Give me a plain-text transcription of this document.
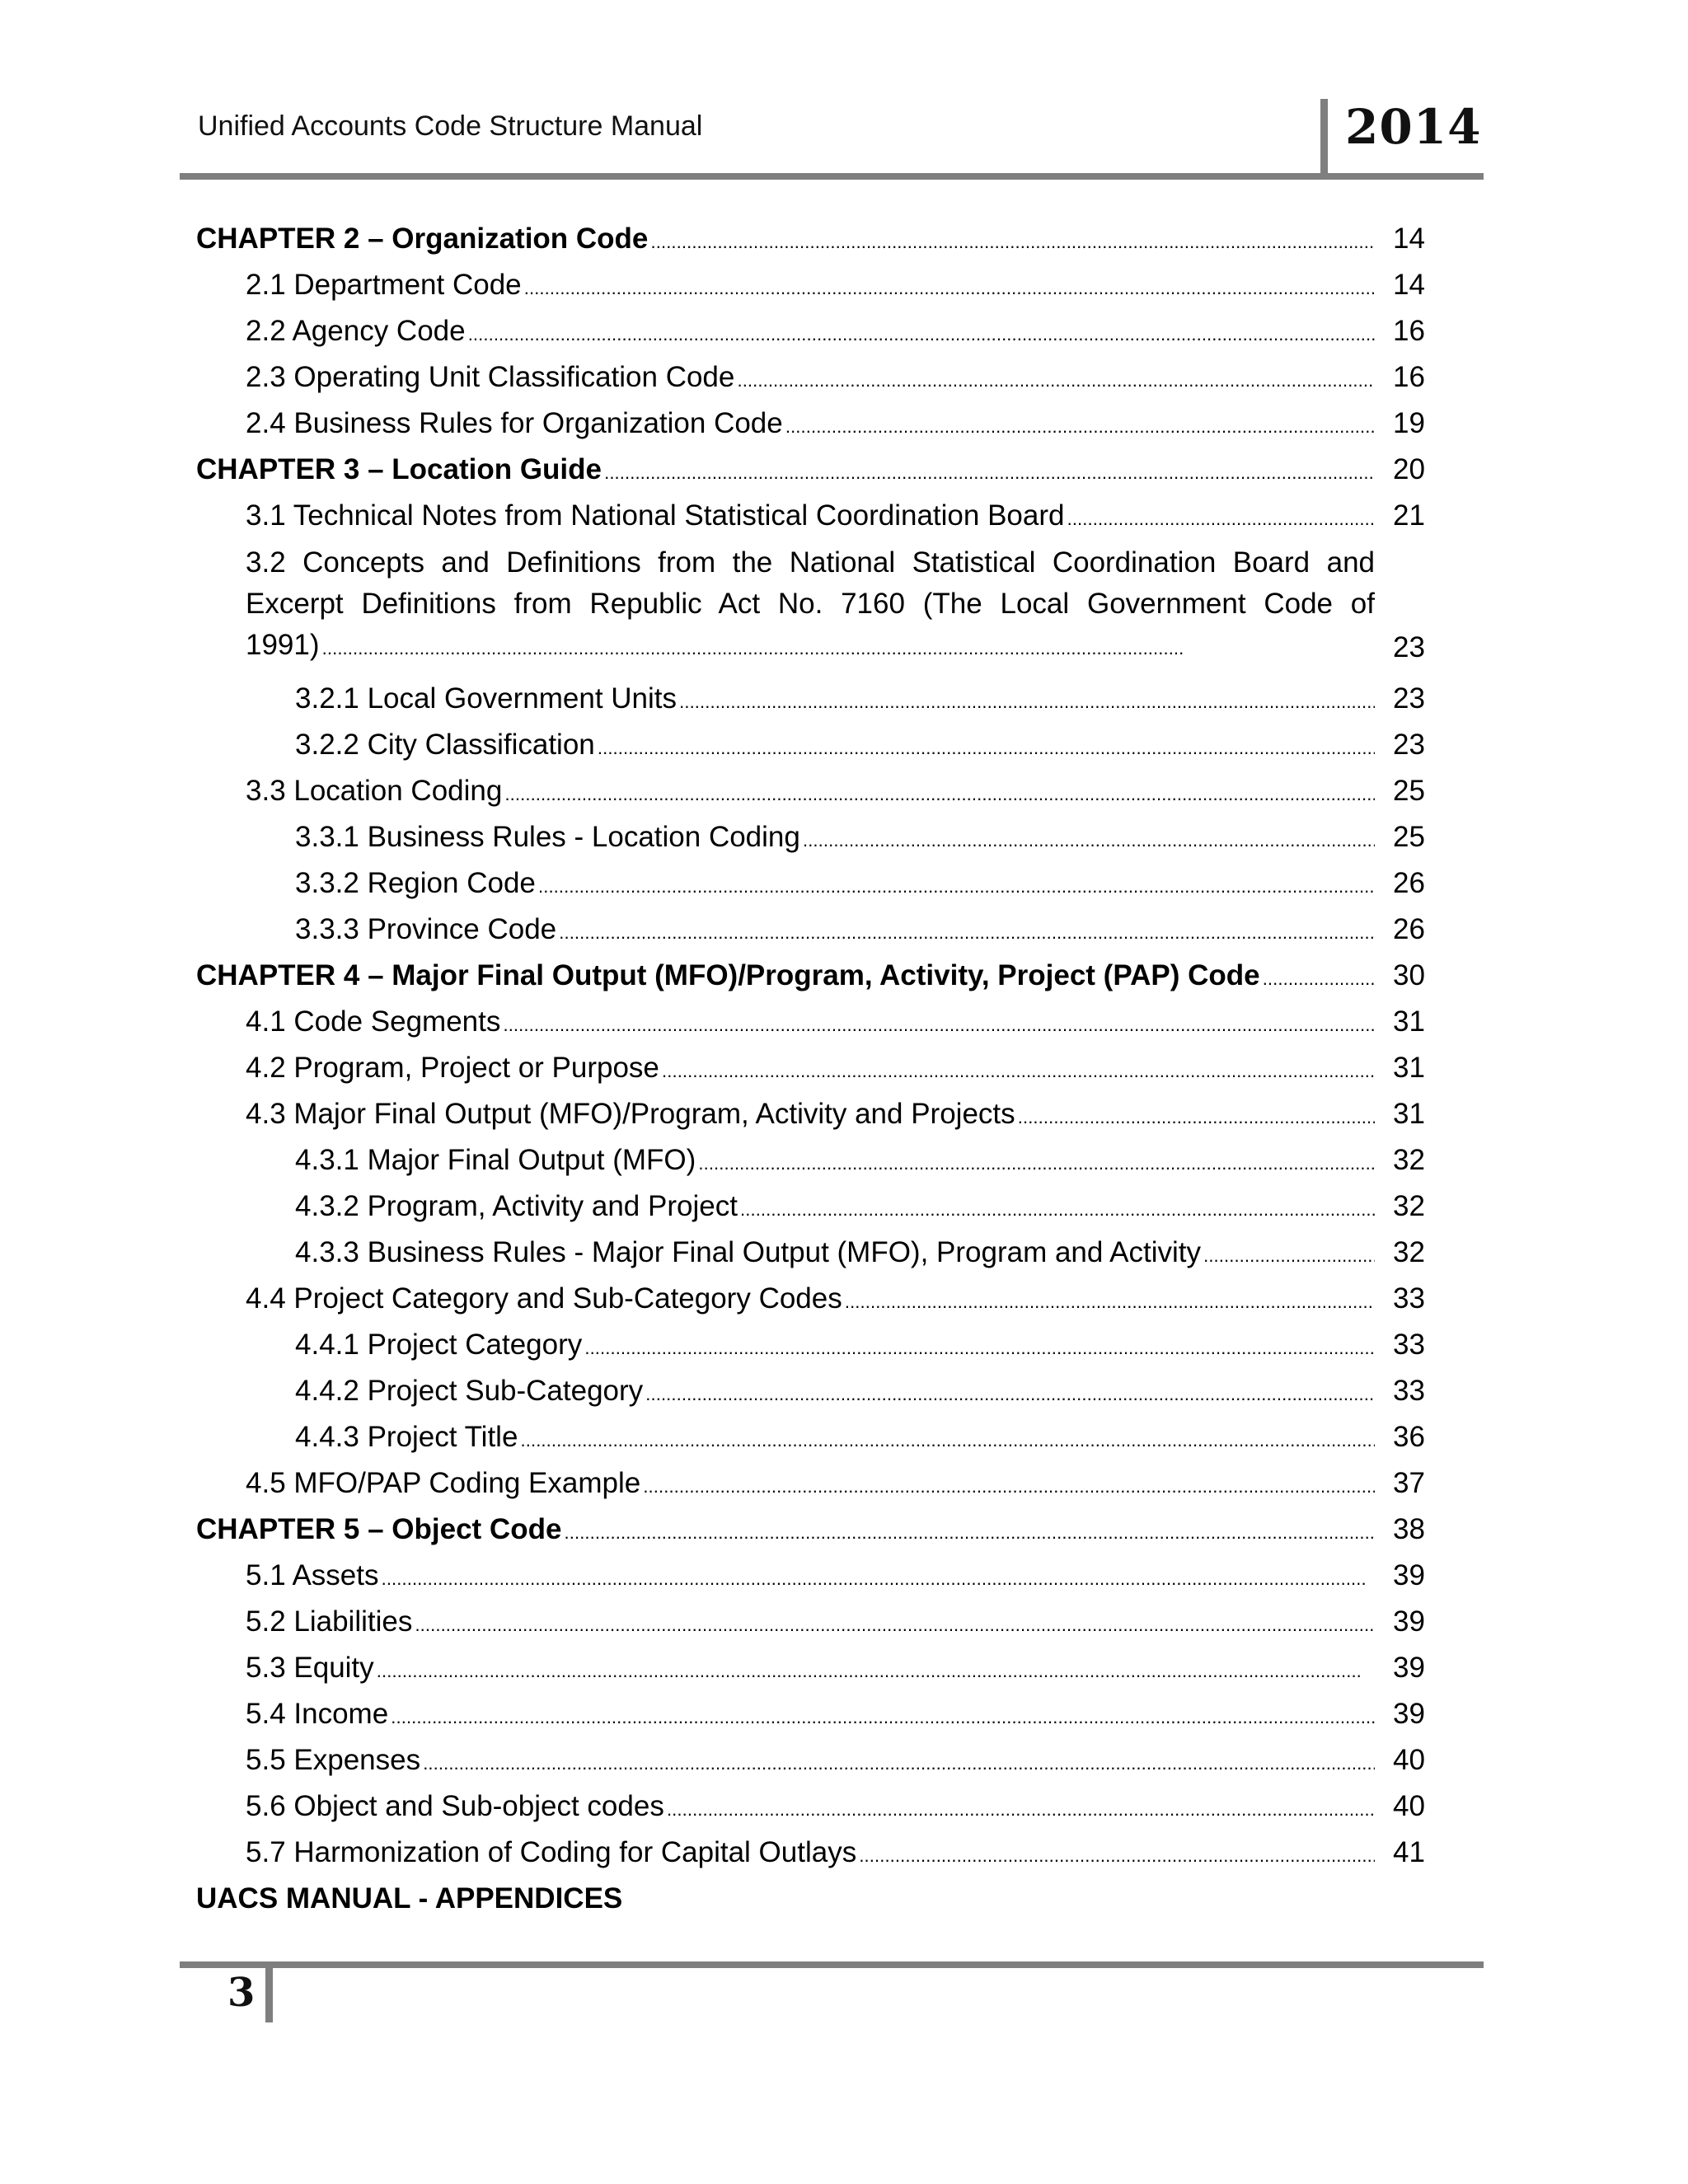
Unified Accounts Code Structure Manual	2014
CHAPTER 2 – Organization Code . . .	14
2.1 Department Code . . .	14
2.2 Agency Code . . .	16
2.3 Operating Unit Classification Code . . .	16
2.4 Business Rules for Organization Code . . .	19
CHAPTER 3 – Location Guide . . .	20
3.1 Technical Notes from National Statistical Coordination Board . . .	21
3.2 Concepts and Definitions from the National Statistical Coordination Board and
Excerpt Definitions from Republic Act No. 7160 (The Local Government Code of
1991) . . .	23
3.2.1 Local Government Units . . .	23
3.2.2 City Classification . . .	23
3.3 Location Coding . . .	25
3.3.1 Business Rules - Location Coding . . .	25
3.3.2 Region Code . . .	26
3.3.3 Province Code . . .	26
CHAPTER 4 – Major Final Output (MFO)/Program, Activity, Project (PAP) Code . . .	30
4.1 Code Segments . . .	31
4.2 Program, Project or Purpose . . .	31
4.3 Major Final Output (MFO)/Program, Activity and Projects . . .	31
4.3.1 Major Final Output (MFO) . . .	32
4.3.2 Program, Activity and Project . . .	32
4.3.3 Business Rules - Major Final Output (MFO), Program and Activity . . .	32
4.4 Project Category and Sub-Category Codes . . .	33
4.4.1 Project Category . . .	33
4.4.2 Project Sub-Category . . .	33
4.4.3 Project Title . . .	36
4.5 MFO/PAP Coding Example . . .	37
CHAPTER 5 – Object Code . . .	38
5.1 Assets . . .	39
5.2 Liabilities . . .	39
5.3 Equity . . .	39
5.4 Income . . .	39
5.5 Expenses . . .	40
5.6 Object and Sub-object codes . . .	40
5.7 Harmonization of Coding for Capital Outlays . . .	41
UACS MANUAL - APPENDICES
3
